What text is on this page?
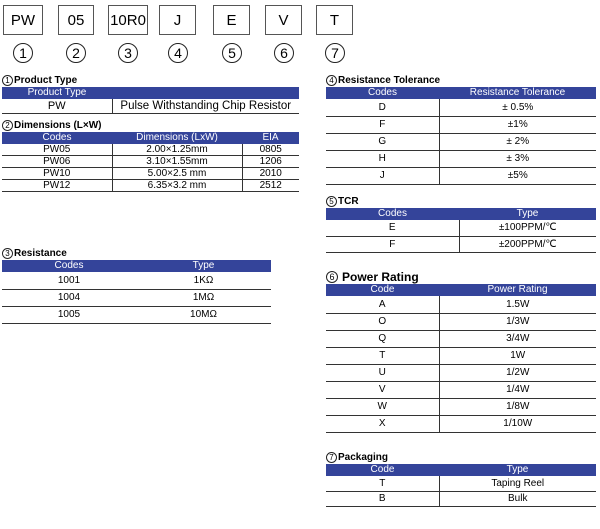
PW	05	10R0	J	E	V	T
1	2	3	4	5	6	7
1 Product Type
Product Type	
PW	Pulse Withstanding Chip Resistor
2 Dimensions (L×W)
Codes	Dimensions (LxW)	EIA
PW05	2.00×1.25mm	0805
PW06	3.10×1.55mm	1206
PW10	5.00×2.5 mm	2010
PW12	6.35×3.2 mm	2512
3 Resistance
Codes	Type
1001	1KΩ
1004	1MΩ
1005	10MΩ
4 Resistance Tolerance
Codes	Resistance Tolerance
D	± 0.5%
F	±1%
G	± 2%
H	± 3%
J	±5%
5 TCR
Codes	Type
E	±100PPM/℃
F	±200PPM/℃
6 Power Rating
Code	Power Rating
A	1.5W
O	1/3W
Q	3/4W
T	1W
U	1/2W
V	1/4W
W	1/8W
X	1/10W
7 Packaging
Code	Type
T	Taping Reel
B	Bulk
